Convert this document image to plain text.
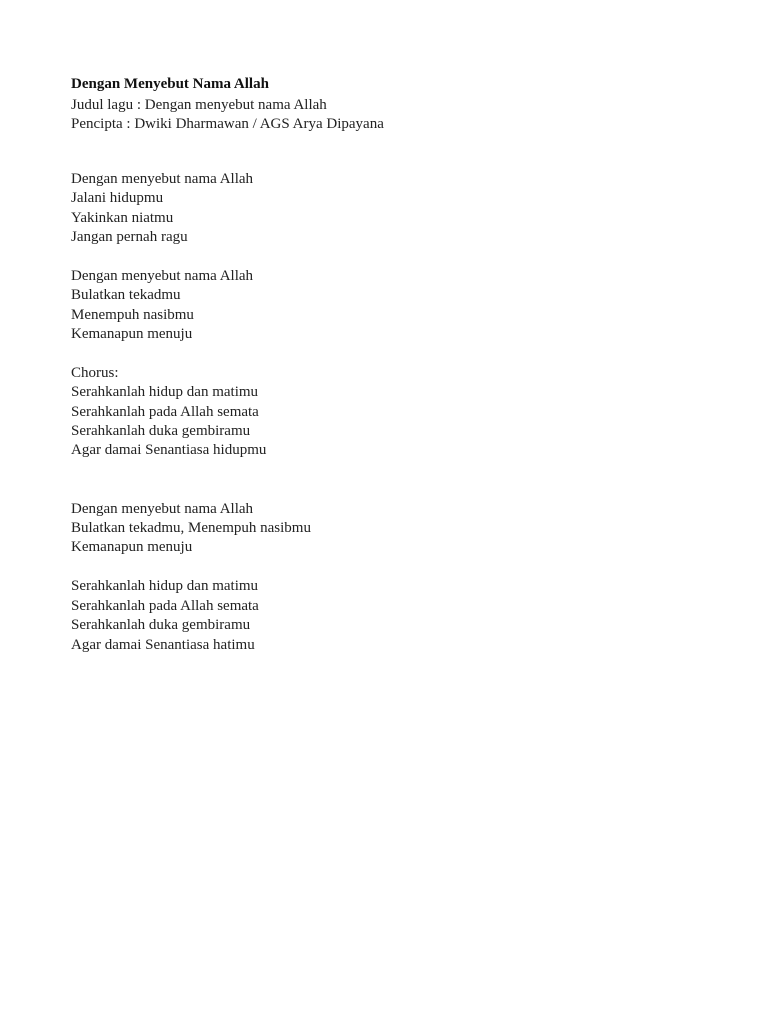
Dengan Menyebut Nama Allah

Judul lagu : Dengan menyebut nama Allah

Pencipta : Dwiki Dharmawan / AGS Arya Dipayana

Dengan menyebut nama Allah

Jalani hidupmu

Yakinkan niatmu

Jangan pernah ragu

Dengan menyebut nama Allah

Bulatkan tekadmu

Menempuh nasibmu

Kemanapun menuju

Chorus:

Serahkanlah hidup dan matimu

Serahkanlah pada Allah semata

Serahkanlah duka gembiramu

Agar damai Senantiasa hidupmu

Dengan menyebut nama Allah

Bulatkan tekadmu, Menempuh nasibmu

Kemanapun menuju

Serahkanlah hidup dan matimu

Serahkanlah pada Allah semata

Serahkanlah duka gembiramu

Agar damai Senantiasa hatimu
